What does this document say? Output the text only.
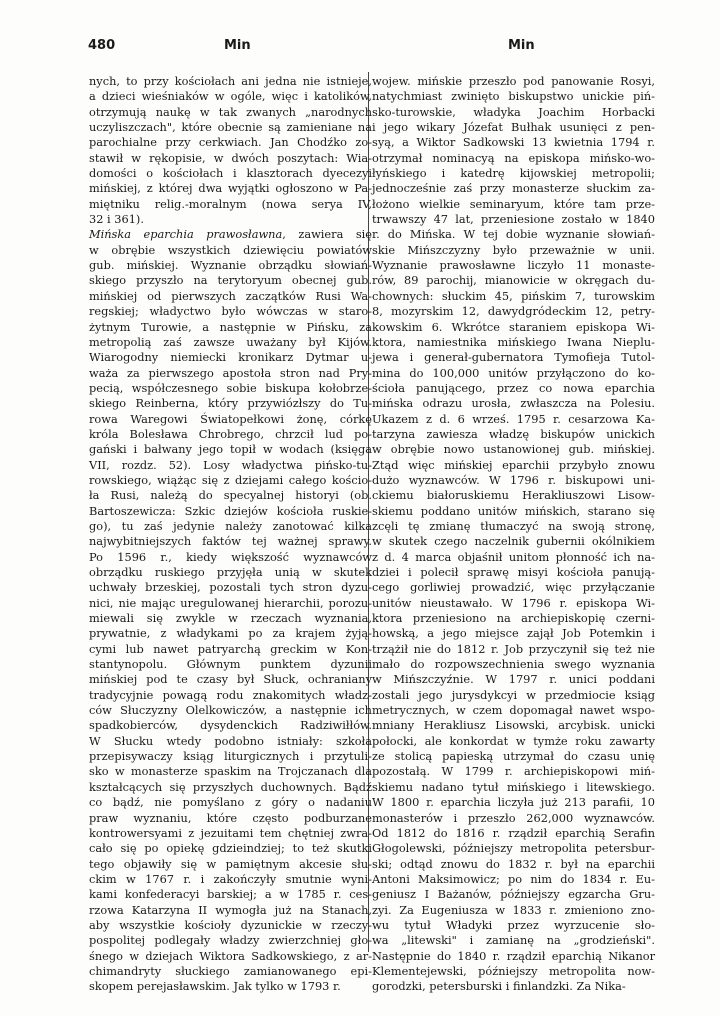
480	Min	Min
nych, to przy kościołach ani jedna nie istnieje,
a dzieci wieśniaków w ogóle, więc i katolików,
otrzymują naukę w tak zwanych „narodnych
uczyliszczach", które obecnie są zamieniane na
parochialne przy cerkwiach. Jan Chodźko zo-
stawił w rękopisie, w dwóch poszytach: Wia-
domości o kościołach i klasztorach dyecezyi
mińskiej, z której dwa wyjątki ogłoszono w Pa-
miętniku relig.-moralnym (nowa serya IV,
32 i 361).
Mińska eparchia prawosławna, zawiera się
w obrębie wszystkich dziewięciu powiatów
gub. mińskiej. Wyznanie obrządku słowiań-
skiego przyszło na terytoryum obecnej gub.
mińskiej od pierwszych zaczątków Rusi Wa-
regskiej; władyctwo było wówczas w staro-
żytnym Turowie, a następnie w Pińsku, za
metropolią zaś zawsze uważany był Kijów.
Wiarogodny niemiecki kronikarz Dytmar u-
waża za pierwszego apostoła stron nad Pry-
pecią, współczesnego sobie biskupa kołobrze-
skiego Reinberna, który przywiózłszy do Tu-
rowa Waregowi Światopełkowi żonę, córkę
króla Bolesława Chrobrego, chrzcił lud po-
gański i bałwany jego topił w wodach (księga
VII, rozdz. 52). Losy władyctwa pińsko-tu-
rowskiego, wiążąc się z dziejami całego kościo-
ła Rusi, należą do specyalnej historyi (ob.
Bartoszewicza: Szkic dziejów kościoła ruskie-
go), tu zaś jedynie należy zanotować kilka
najwybitniejszych faktów tej ważnej sprawy.
Po 1596 r., kiedy większość wyznawców
obrządku ruskiego przyjęła unią w skutek
uchwały brzeskiej, pozostali tych stron dyzu-
nici, nie mając uregulowanej hierarchii, porozu-
miewali się zwykle w rzeczach wyznania,
prywatnie, z władykami po za krajem żyją-
cymi lub nawet patryarchą greckim w Kon-
stantynopolu. Głównym punktem dyzunii
mińskiej pod te czasy był Słuck, ochraniany
tradycyjnie powagą rodu znakomitych władz-
ców Słuczyzny Olelkowiczów, a następnie ich
spadkobierców, dysydenckich Radziwiłłów.
W Słucku wtedy podobno istniały: szkoła
przepisywaczy ksiąg liturgicznych i przytuli-
sko w monasterze spaskim na Trojczanach dla
kształcących się przyszłych duchownych. Bądź
co bądź, nie pomyślano z góry o nadaniu
praw wyznaniu, które często podburzane
kontrowersyami z jezuitami tem chętniej zwra-
cało się po opiekę gdzieindziej; to też skutki
tego objawiły się w pamiętnym akcesie słu-
ckim w 1767 r. i zakończyły smutnie wyni-
kami konfederacyi barskiej; a w 1785 r. ces-
rzowa Katarzyna II wymogła już na Stanach,
aby wszystkie kościoły dyzunickie w rzeczy-
pospolitej podlegały władzy zwierzchniej gło-
śnego w dziejach Wiktora Sadkowskiego, z ar-
chimandryty słuckiego zamianowanego epi-
skopem perejasławskim. Jak tylko w 1793 r.
wojew. mińskie przeszło pod panowanie Rosyi,
natychmiast zwinięto biskupstwo unickie piń-
sko-turowskie, władyka Joachim Horbacki
i jego wikary Józefat Bułhak usunięci z pen-
syą, a Wiktor Sadkowski 13 kwietnia 1794 r.
otrzymał nominacyą na episkopa mińsko-wo-
łyńskiego i katedrę kijowskiej metropolii;
jednocześnie zaś przy monasterze słuckim za-
łożono wielkie seminaryum, które tam prze-
trwawszy 47 lat, przeniesione zostało w 1840
r. do Mińska. W tej dobie wyznanie słowiań-
skie Mińszczyzny było przeważnie w unii.
Wyznanie prawosławne liczyło 11 monaste-
rów, 89 parochij, mianowicie w okręgach du-
chownych: słuckim 45, pińskim 7, turowskim
8, mozyrskim 12, dawydgródeckim 12, petry-
kowskim 6. Wkrótce staraniem episkopa Wi-
ktora, namiestnika mińskiego Iwana Nieplu-
jewa i generał-gubernatora Tymofieja Tutol-
mina do 100,000 unitów przyłączono do ko-
ścioła panującego, przez co nowa eparchia
mińska odrazu urosła, zwłaszcza na Polesiu.
Ukazem z d. 6 wrześ. 1795 r. cesarzowa Ka-
tarzyna zawiesza władzę biskupów unickich
w obrębie nowo ustanowionej gub. mińskiej.
Ztąd więc mińskiej eparchii przybyło znowu
dużo wyznawców. W 1796 r. biskupowi uni-
ckiemu białoruskiemu Herakliuszowi Lisow-
skiemu poddano unitów mińskich, starano się
zcęli tę zmianę tłumaczyć na swoją stronę,
w skutek czego naczelnik gubernii okólnikiem
z d. 4 marca objaśnił unitom płonność ich na-
dziei i polecił sprawę misyi kościoła panują-
cego gorliwiej prowadzić, więc przyłączanie
unitów nieustawało. W 1796 r. episkopa Wi-
ktora przeniesiono na archiepiskopię czerni-
howską, a jego miejsce zajął Job Potemkin i
trzążił nie do 1812 r. Job przyczynił się też nie
mało do rozpowszechnienia swego wyznania
w Mińszczyźnie. W 1797 r. unici poddani
zostali jego jurysdykcyi w przedmiocie ksiąg
metrycznych, w czem dopomagał nawet wspo-
mniany Herakliusz Lisowski, arcybisk. unicki
połocki, ale konkordat w tymże roku zawarty
ze stolicą papieską utrzymał do czasu unię
pozostałą. W 1799 r. archiepiskopowi miń-
skiemu nadano tytuł mińskiego i litewskiego.
W 1800 r. eparchia liczyła już 213 parafii, 10
monasterów i przeszło 262,000 wyznawców.
Od 1812 do 1816 r. rządził eparchią Serafin
Głogolewski, późniejszy metropolita petersbur-
ski; odtąd znowu do 1832 r. był na eparchii
Antoni Maksimowicz; po nim do 1834 r. Eu-
geniusz I Bażanów, późniejszy egzarcha Gru-
zyi. Za Eugeniusza w 1833 r. zmieniono zno-
wu tytuł Władyki przez wyrzucenie sło-
wa „litewski" i zamianę na „grodzieński".
Następnie do 1840 r. rządził eparchią Nikanor
Klementejewski, późniejszy metropolita now-
gorodzki, petersburski i finlandzki. Za Nika-
